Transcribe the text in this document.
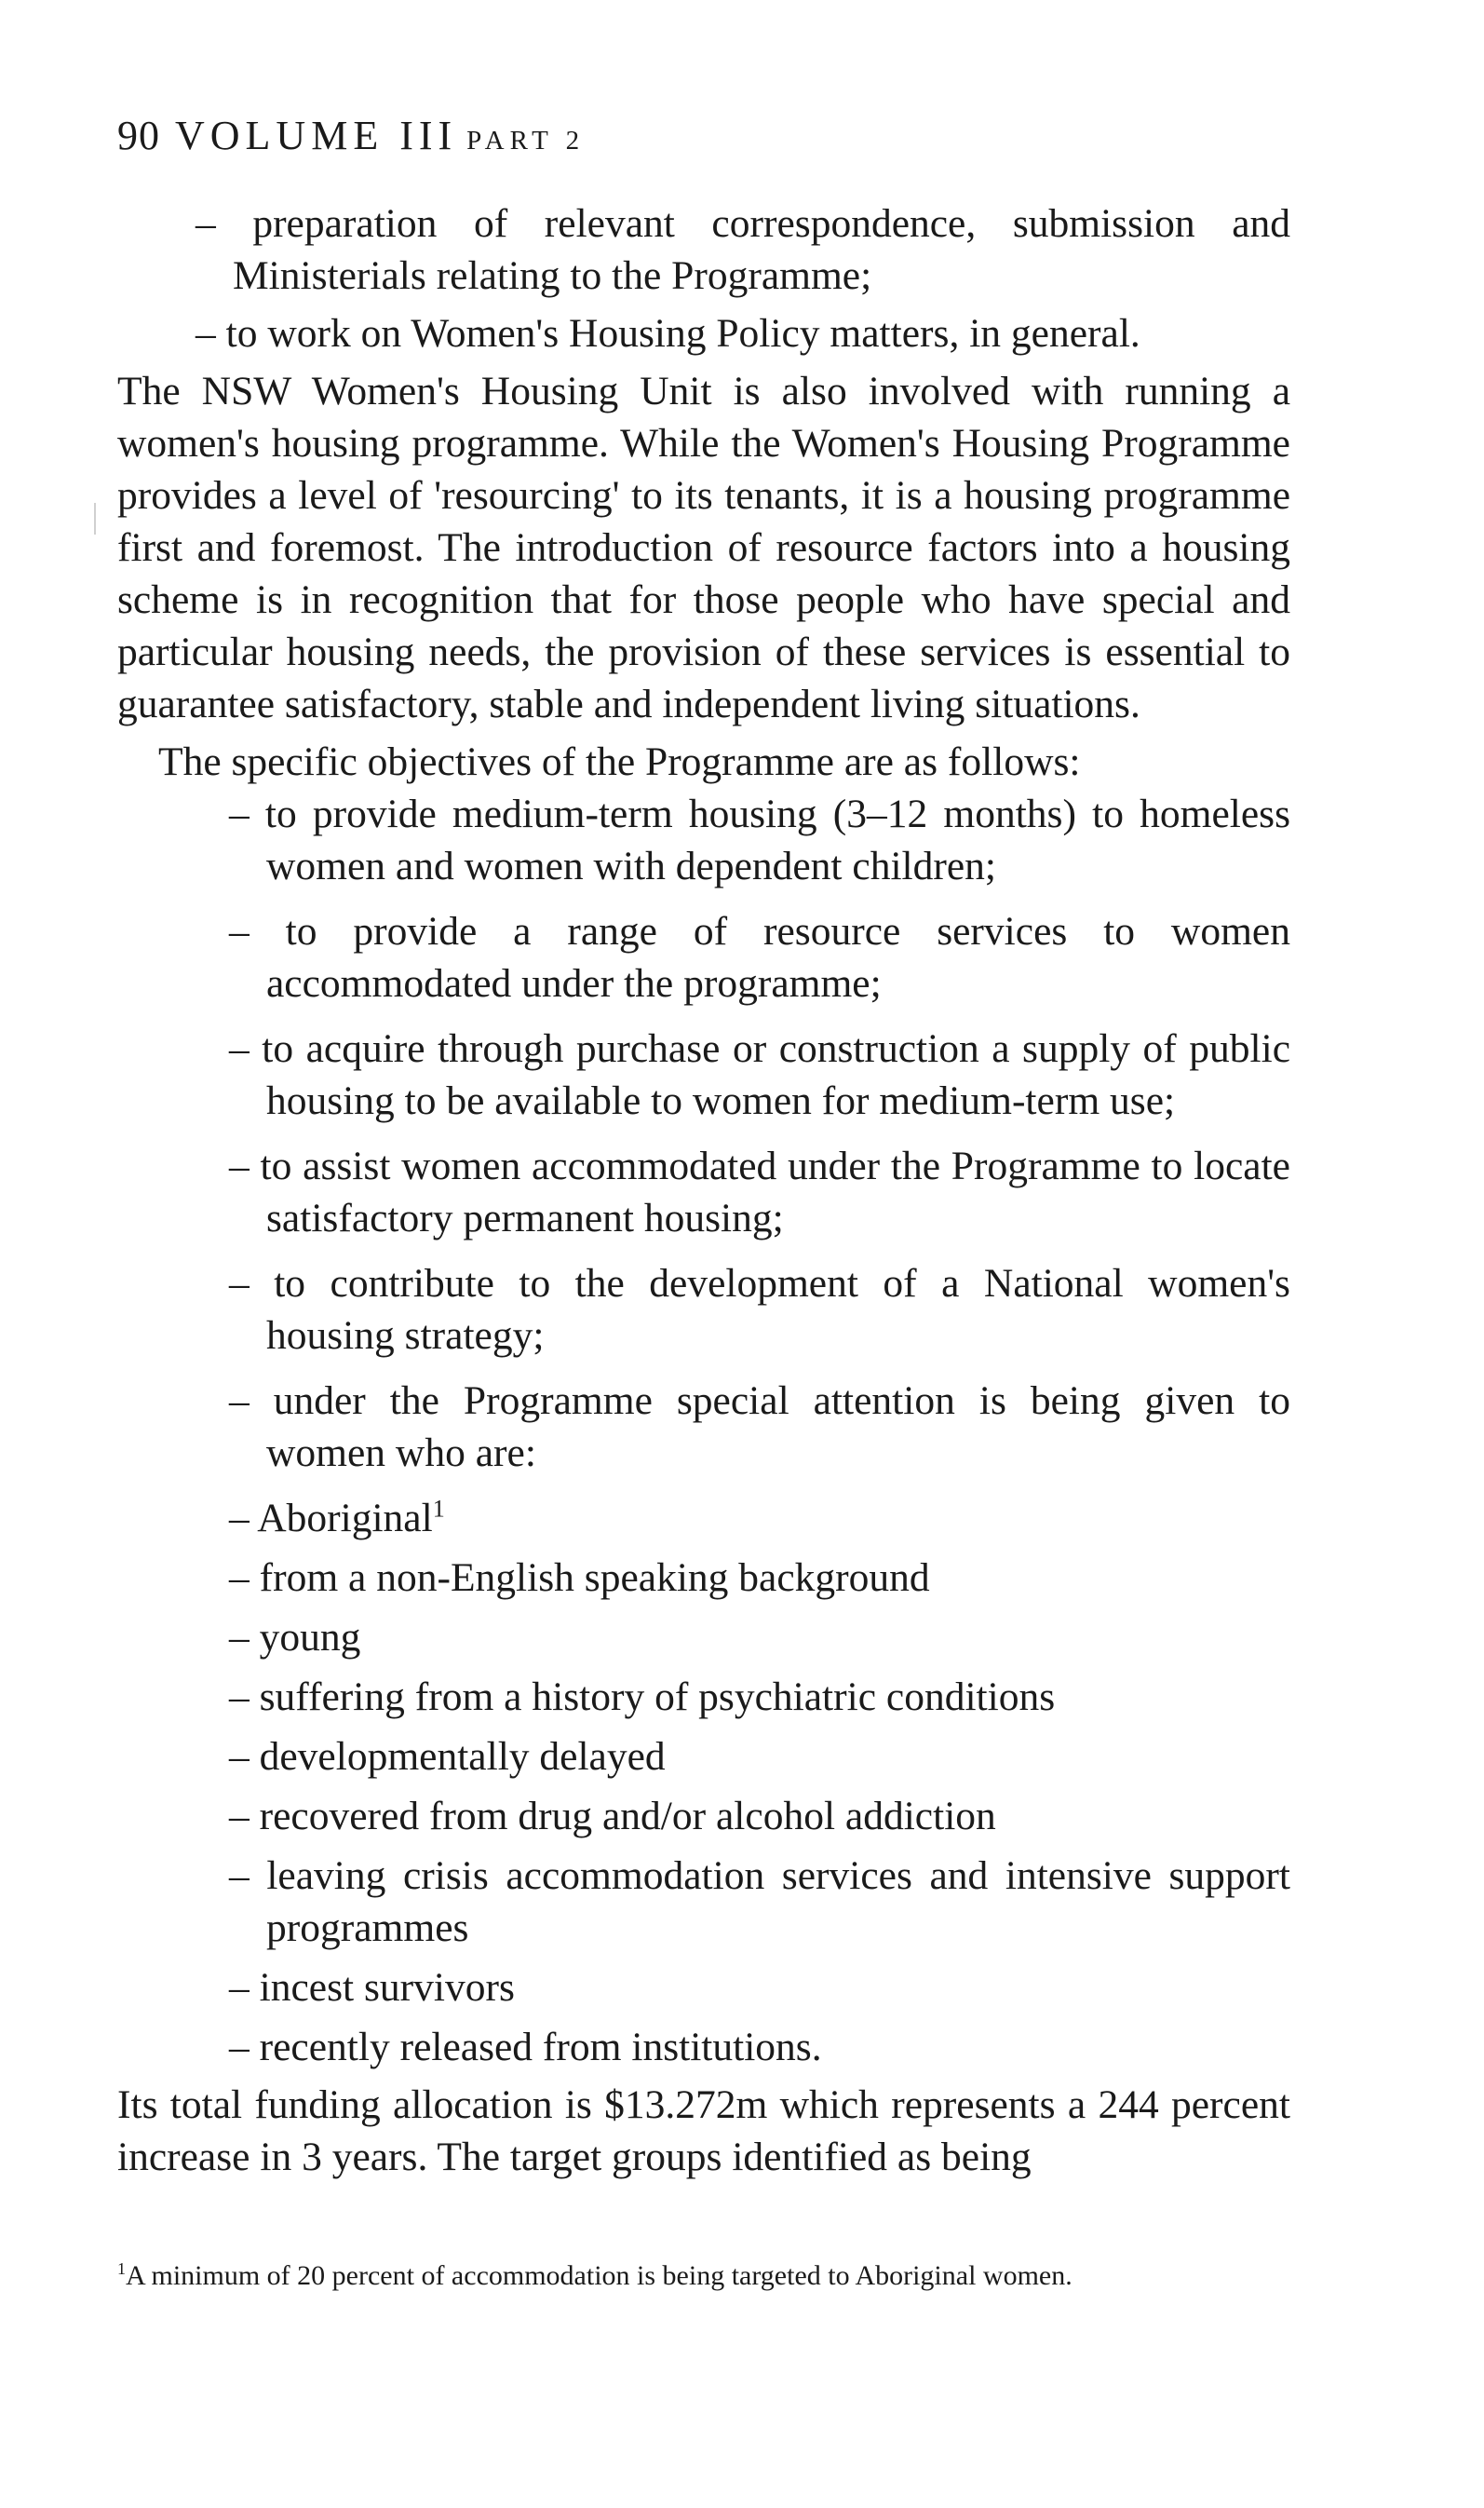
90 VOLUME III PART 2
– preparation of relevant correspondence, submission and Ministerials relating to the Programme;
– to work on Women's Housing Policy matters, in general.

The NSW Women's Housing Unit is also involved with running a women's housing programme. While the Women's Housing Programme provides a level of 'resourcing' to its tenants, it is a housing programme first and foremost. The introduction of resource factors into a housing scheme is in recognition that for those people who have special and particular housing needs, the provision of these services is essential to guarantee satisfactory, stable and independent living situations.

The specific objectives of the Programme are as follows:

– to provide medium-term housing (3–12 months) to homeless women and women with dependent children;
– to provide a range of resource services to women accommodated under the programme;
– to acquire through purchase or construction a supply of public housing to be available to women for medium-term use;
– to assist women accommodated under the Programme to locate satisfactory permanent housing;
– to contribute to the development of a National women's housing strategy;
– under the Programme special attention is being given to women who are:
– Aboriginal$^1$
– from a non-English speaking background
– young
– suffering from a history of psychiatric conditions
– developmentally delayed
– recovered from drug and/or alcohol addiction
– leaving crisis accommodation services and intensive support programmes
– incest survivors
– recently released from institutions.

Its total funding allocation is $13.272m which represents a 244 percent increase in 3 years. The target groups identified as being

$^1$A minimum of 20 percent of accommodation is being targeted to Aboriginal women.
